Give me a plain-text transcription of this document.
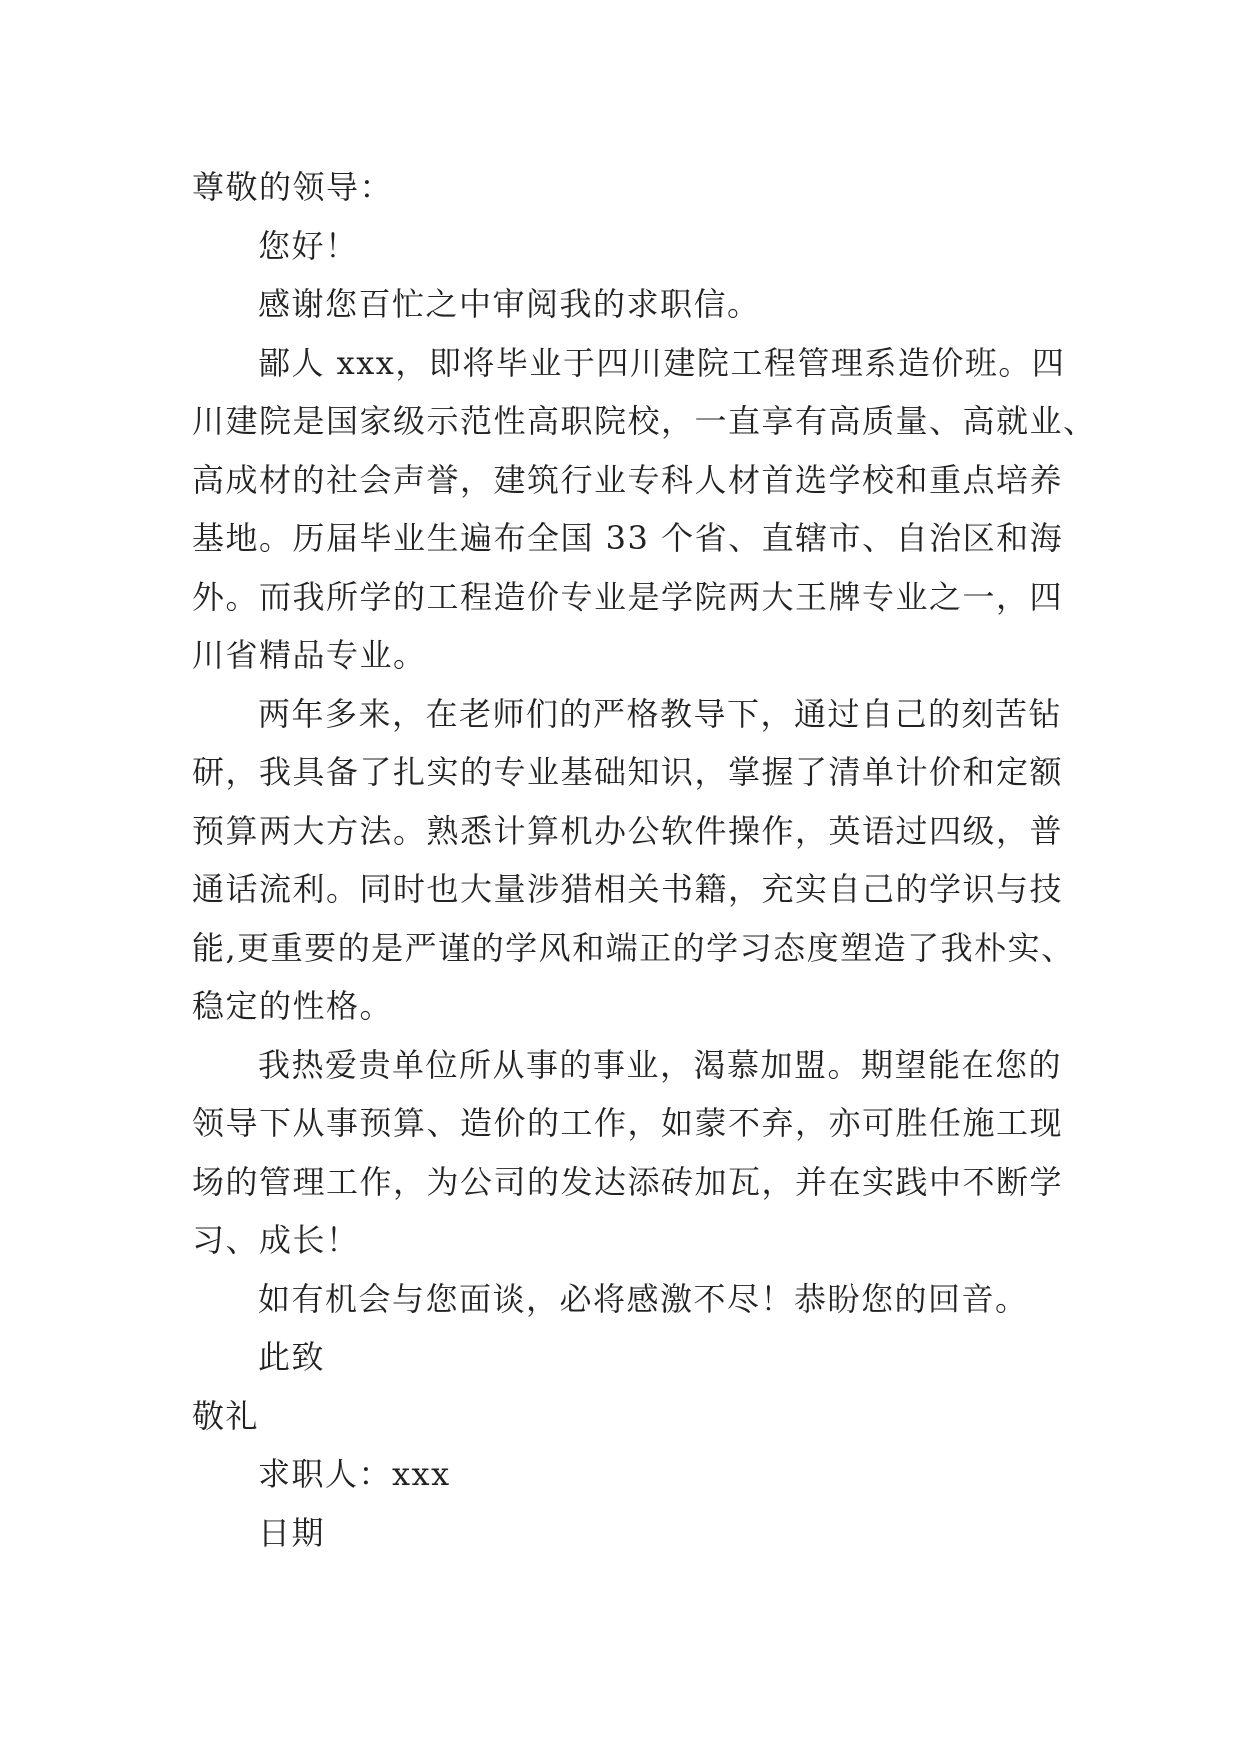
尊敬的领导：

您好！

感谢您百忙之中审阅我的求职信。

鄙人 xxx，即将毕业于四川建院工程管理系造价班。四

川建院是国家级示范性高职院校，一直享有高质量、高就业、

高成材的社会声誉，建筑行业专科人材首选学校和重点培养

基地。历届毕业生遍布全国 33 个省、直辖市、自治区和海

外。而我所学的工程造价专业是学院两大王牌专业之一，四

川省精品专业。

两年多来，在老师们的严格教导下，通过自己的刻苦钻

研，我具备了扎实的专业基础知识，掌握了清单计价和定额

预算两大方法。熟悉计算机办公软件操作，英语过四级，普

通话流利。同时也大量涉猎相关书籍，充实自己的学识与技

能,更重要的是严谨的学风和端正的学习态度塑造了我朴实、

稳定的性格。

我热爱贵单位所从事的事业，渴慕加盟。期望能在您的

领导下从事预算、造价的工作，如蒙不弃，亦可胜任施工现

场的管理工作，为公司的发达添砖加瓦，并在实践中不断学

习、成长！

如有机会与您面谈，必将感激不尽！恭盼您的回音。

此致

敬礼

求职人：xxx

日期
